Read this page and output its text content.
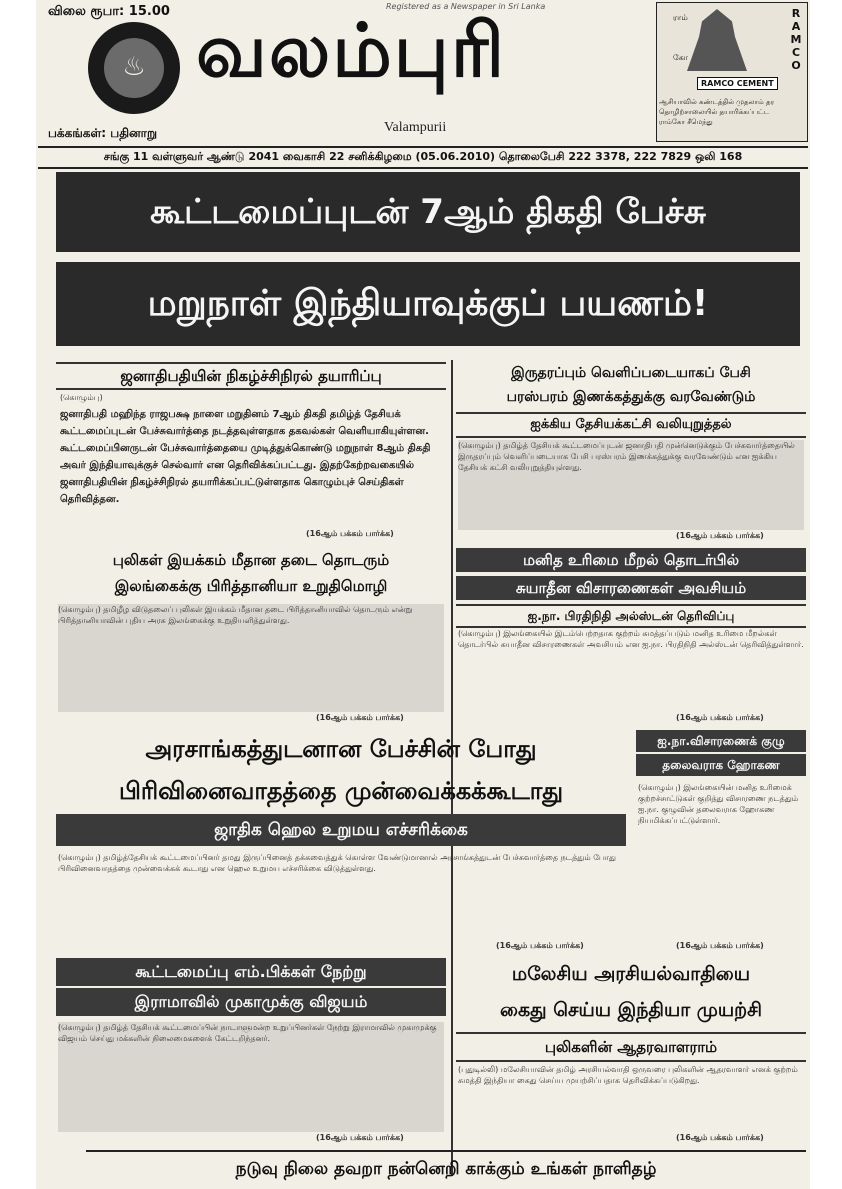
விலை ரூபா: 15.00	Registered as a Newspaper in Sri Lanka
♨ வலம்புரி
Valampurii
பக்கங்கள்: பதினாறு
ராம்
கோ
R A M C O
RAMCO CEMENT
ஆசியாவில் கண்டத்தில் முதலாம் தர தொழிற்சாலையில் தயாரிக்கப்பட்ட ராம்கோ சீமெந்து
சங்கு 11 வள்ளுவர் ஆண்டு 2041 வைகாசி 22 சனிக்கிழமை (05.06.2010) தொலைபேசி 222 3378, 222 7829 ஒலி 168
கூட்டமைப்புடன் 7ஆம் திகதி பேச்சு
மறுநாள் இந்தியாவுக்குப் பயணம்!
ஜனாதிபதியின் நிகழ்ச்சிநிரல் தயாரிப்பு
(கொழும்பு)
ஜனாதிபதி மஹிந்த ராஜபக்ஷ நாளை மறுதினம் 7ஆம் திகதி தமிழ்த் தேசியக் கூட்டமைப்புடன் பேச்சுவார்த்தை நடத்தவுள்ளதாக தகவல்கள் வெளியாகியுள்ளன. கூட்டமைப்பினருடன் பேச்சுவார்த்தையை முடித்துக்கொண்டு மறுநாள் 8ஆம் திகதி அவர் இந்தியாவுக்குச் செல்வார் என தெரிவிக்கப்பட்டது. இதற்கேற்றவகையில் ஜனாதிபதியின் நிகழ்ச்சிநிரல் தயாரிக்கப்பட்டுள்ளதாக கொழும்புச் செய்திகள் தெரிவித்தன.
(16ஆம் பக்கம் பார்க்க)
இருதரப்பும் வெளிப்படையாகப் பேசி
பரஸ்பரம் இணக்கத்துக்கு வரவேண்டும்
ஐக்கிய தேசியக்கட்சி வலியுறுத்தல்
(கொழும்பு) தமிழ்த் தேசியக் கூட்டமைப்புடன் ஜனாதிபதி முன்னெடுக்கும் பேச்சுவார்த்தையில் இருதரப்பும் வெளிப்படையாக பேசி பரஸ்பரம் இணக்கத்துக்கு வரவேண்டும் என ஐக்கிய தேசியக் கட்சி வலியுறுத்தியுள்ளது.
(16ஆம் பக்கம் பார்க்க)
புலிகள் இயக்கம் மீதான தடை தொடரும்
இலங்கைக்கு பிரித்தானியா உறுதிமொழி
(கொழும்பு) தமிழீழ விடுதலைப் புலிகள் இயக்கம் மீதான தடை பிரித்தானியாவில் தொடரும் என்று பிரித்தானியாவின் புதிய அரசு இலங்கைக்கு உறுதியளித்துள்ளது.
(16ஆம் பக்கம் பார்க்க)
மனித உரிமை மீறல் தொடர்பில்
சுயாதீன விசாரணைகள் அவசியம்
ஐ.நா. பிரதிநிதி அல்ஸ்டன் தெரிவிப்பு
(கொழும்பு) இலங்கையில் இடம்பெற்றதாக குற்றம் சுமத்தப்படும் மனித உரிமை மீறல்கள் தொடர்பில் சுயாதீன விசாரணைகள் அவசியம் என ஐ.நா. பிரதிநிதி அல்ஸ்டன் தெரிவித்துள்ளார்.
(16ஆம் பக்கம் பார்க்க)
அரசாங்கத்துடனான பேச்சின் போது
பிரிவினைவாதத்தை முன்வைக்கக்கூடாது
ஜாதிக ஹெல உறுமய எச்சரிக்கை
(கொழும்பு) தமிழ்த்தேசியக் கூட்டமைப்பினர் தமது இருப்பினைத் தக்கவைத்துக் கொள்ள வேண்டுமானால் அரசாங்கத்துடன் பேச்சுவார்த்தை நடத்தும் போது பிரிவினைவாதத்தை முன்வைக்கக் கூடாது என ஹெல உறுமய எச்சரிக்கை விடுத்துள்ளது.
(16ஆம் பக்கம் பார்க்க)
ஐ.நா.விசாரணைக் குழு
தலைவராக ஹோகண
(கொழும்பு) இலங்கையின் மனித உரிமைக் குற்றச்சாட்டுகள் குறித்து விசாரணை நடத்தும் ஐ.நா. குழுவின் தலைவராக ஹோகண நியமிக்கப்பட்டுள்ளார்.
(16ஆம் பக்கம் பார்க்க)
கூட்டமைப்பு எம்.பிக்கள் நேற்று
இராமாவில் முகாமுக்கு விஜயம்
(கொழும்பு) தமிழ்த் தேசியக் கூட்டமைப்பின் நாடாளுமன்ற உறுப்பினர்கள் நேற்று இராமாவில் முகாமுக்கு விஜயம் செய்து மக்களின் நிலைமைகளைக் கேட்டறிந்தனர்.
(16ஆம் பக்கம் பார்க்க)
மலேசிய அரசியல்வாதியை
கைது செய்ய இந்தியா முயற்சி
புலிகளின் ஆதரவாளராம்
(புதுடில்லி) மலேசியாவின் தமிழ் அரசியல்வாதி ஒருவரை புலிகளின் ஆதரவாளர் எனக் குற்றம் சுமத்தி இந்தியா கைது செய்ய முயற்சிப்பதாக தெரிவிக்கப்படுகிறது.
(16ஆம் பக்கம் பார்க்க)
நடுவு நிலை தவறா நன்னெறி காக்கும் உங்கள் நாளிதழ்
